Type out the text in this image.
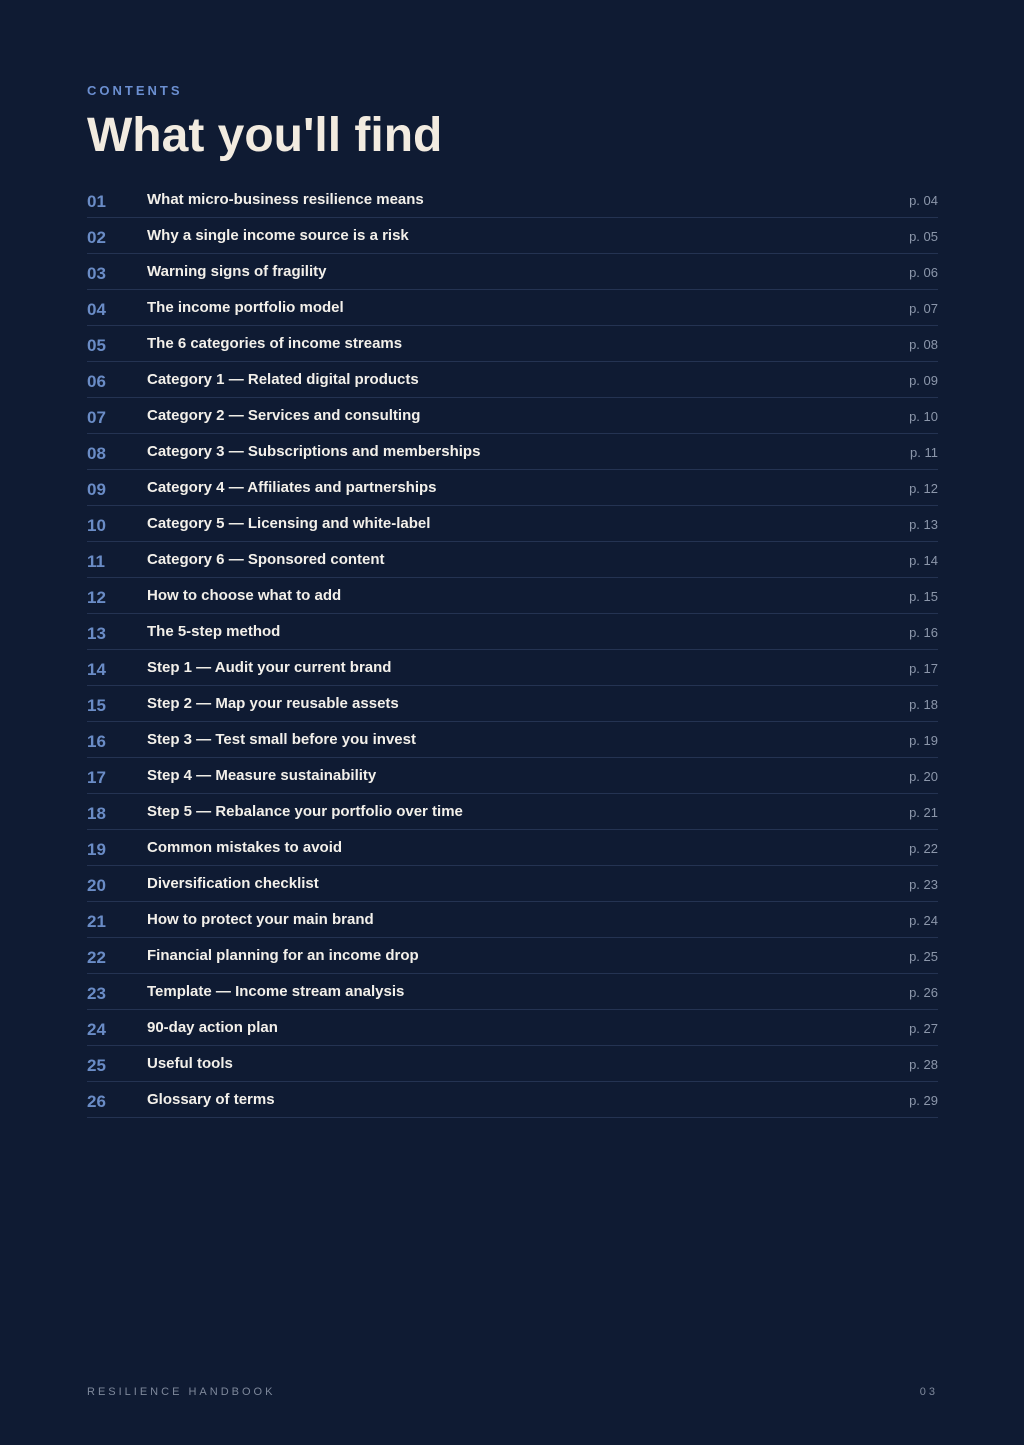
CONTENTS

What you'll find
01	What micro-business resilience means	p. 04
02	Why a single income source is a risk	p. 05
03	Warning signs of fragility	p. 06
04	The income portfolio model	p. 07
05	The 6 categories of income streams	p. 08
06	Category 1 — Related digital products	p. 09
07	Category 2 — Services and consulting	p. 10
08	Category 3 — Subscriptions and memberships	p. 11
09	Category 4 — Affiliates and partnerships	p. 12
10	Category 5 — Licensing and white-label	p. 13
11	Category 6 — Sponsored content	p. 14
12	How to choose what to add	p. 15
13	The 5-step method	p. 16
14	Step 1 — Audit your current brand	p. 17
15	Step 2 — Map your reusable assets	p. 18
16	Step 3 — Test small before you invest	p. 19
17	Step 4 — Measure sustainability	p. 20
18	Step 5 — Rebalance your portfolio over time	p. 21
19	Common mistakes to avoid	p. 22
20	Diversification checklist	p. 23
21	How to protect your main brand	p. 24
22	Financial planning for an income drop	p. 25
23	Template — Income stream analysis	p. 26
24	90-day action plan	p. 27
25	Useful tools	p. 28
26	Glossary of terms	p. 29
RESILIENCE HANDBOOK	03
